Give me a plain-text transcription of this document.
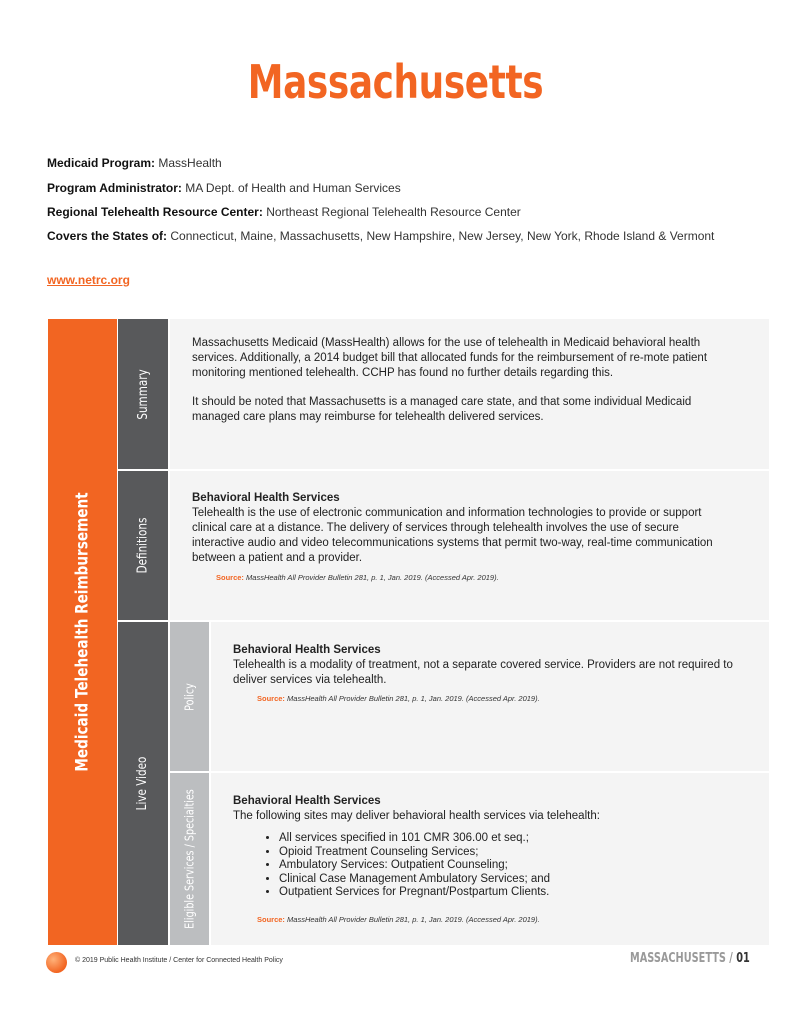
Massachusetts
Medicaid Program: MassHealth
Program Administrator: MA Dept. of Health and Human Services
Regional Telehealth Resource Center: Northeast Regional Telehealth Resource Center
Covers the States of: Connecticut, Maine, Massachusetts, New Hampshire, New Jersey, New York, Rhode Island & Vermont
www.netrc.org
Medicaid Telehealth Reimbursement
Summary

Massachusetts Medicaid (MassHealth) allows for the use of telehealth in Medicaid behavioral health services. Additionally, a 2014 budget bill that allocated funds for the reimbursement of re-mote patient monitoring mentioned telehealth. CCHP has found no further details regarding this.

It should be noted that Massachusetts is a managed care state, and that some individual Medicaid managed care plans may reimburse for telehealth delivered services.

Definitions
Behavioral Health Services
Telehealth is the use of electronic communication and information technologies to provide or support clinical care at a distance. The delivery of services through telehealth involves the use of secure interactive audio and video telecommunications systems that permit two-way, real-time communication between a patient and a provider.
Source: MassHealth All Provider Bulletin 281, p. 1, Jan. 2019. (Accessed Apr. 2019).
Live Video
Policy
Behavioral Health Services
Telehealth is a modality of treatment, not a separate covered service. Providers are not required to deliver services via telehealth.
Source: MassHealth All Provider Bulletin 281, p. 1, Jan. 2019. (Accessed Apr. 2019).
Eligible Services / Specialties	Behavioral Health Services
The following sites may deliver behavioral health services via telehealth:
• All services specified in 101 CMR 306.00 et seq.;
• Opioid Treatment Counseling Services;
• Ambulatory Services: Outpatient Counseling;
• Clinical Case Management Ambulatory Services; and
• Outpatient Services for Pregnant/Postpartum Clients.
Source: MassHealth All Provider Bulletin 281, p. 1, Jan. 2019. (Accessed Apr. 2019).
© 2019 Public Health Institute / Center for Connected Health Policy	MASSACHUSETTS / 01
